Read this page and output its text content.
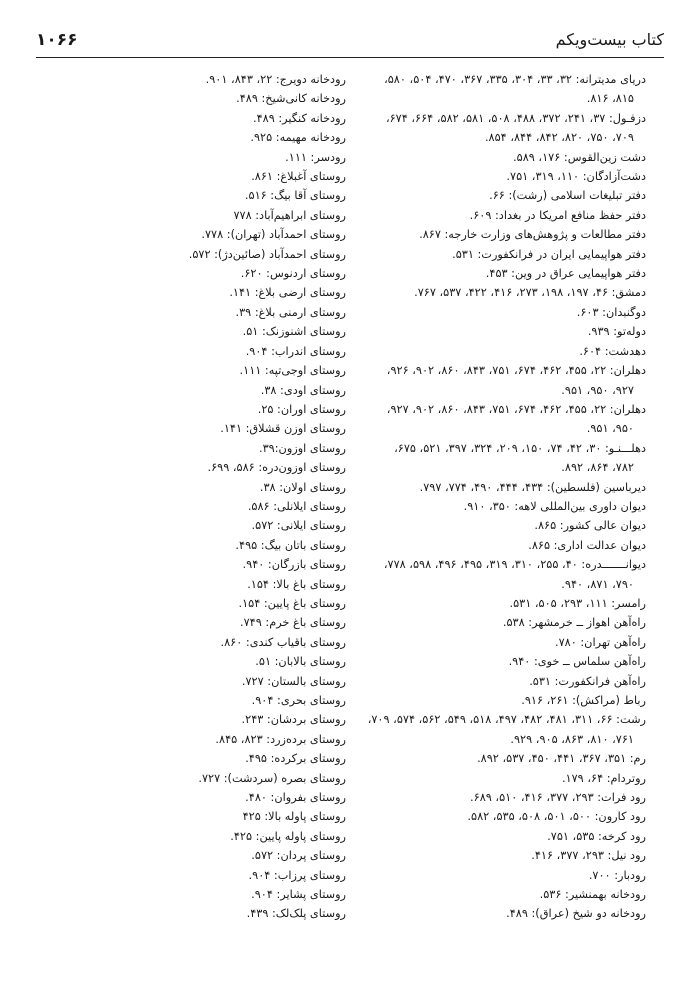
۱۰۶۶	کتاب بیست‌ویکم
دریای مدیترانه: ۳۲، ۳۳، ۳۰۴، ۳۳۵، ۳۶۷، ۴۷۰، ۵۰۴، ۵۸۰،
۸۱۵، ۸۱۶.
دزفـول: ۳۷، ۲۴۱، ۳۷۲، ۴۸۸، ۵۰۸، ۵۸۱، ۵۸۲، ۶۶۴، ۶۷۴،
۷۰۹، ۷۵۰، ۸۲۰، ۸۴۲، ۸۴۴، ۸۵۴.
دشت زین‌القوس: ۱۷۶، ۵۸۹.
دشت‌آزادگان: ۱۱۰، ۳۱۹، ۷۵۱.
دفتر تبلیغات اسلامی (رشت): ۶۶.
دفتر حفظ منافع امریکا در بغداد: ۶۰۹.
دفتر مطالعات و پژوهش‌های وزارت خارجه: ۸۶۷.
دفتر هواپیمایی ایران در فرانکفورت: ۵۳۱.
دفتر هواپیمایی عراق در وین: ۴۵۳.
دمشق: ۴۶، ۱۹۷، ۱۹۸، ۲۷۳، ۴۱۶، ۴۲۲، ۵۳۷، ۷۶۷.
دوگنبدان: ۶۰۳.
دوله‌تو: ۹۳۹.
دهدشت: ۶۰۴.
دهلران: ۲۲، ۴۵۵، ۴۶۲، ۶۷۴، ۷۵۱، ۸۴۳، ۸۶۰، ۹۰۲، ۹۲۶،
۹۲۷، ۹۵۰، ۹۵۱.
دهلران: ۲۲، ۴۵۵، ۴۶۲، ۶۷۴، ۷۵۱، ۸۴۳، ۸۶۰، ۹۰۲، ۹۲۷،
۹۵۰، ۹۵۱.
دهلـــنـو: ۳۰، ۴۲، ۷۴، ۱۵۰، ۲۰۹، ۳۲۴، ۳۹۷، ۵۲۱، ۶۷۵،
۷۸۲، ۸۶۴، ۸۹۲.
دیرباسین (فلسطین): ۴۳۴، ۴۴۴، ۴۹۰، ۷۷۴، ۷۹۷.
دیوان داوری بین‌المللی لاهه: ۳۵۰، ۹۱۰.
دیوان عالی کشور: ۸۶۵.
دیوان عدالت اداری: ۸۶۵.
دیوانـــــــدره: ۴۰، ۲۵۵، ۳۱۰، ۳۱۹، ۴۹۵، ۴۹۶، ۵۹۸، ۷۷۸،
۷۹۰، ۸۷۱، ۹۴۰.
رامسر: ۱۱۱، ۲۹۳، ۵۰۵، ۵۳۱.
راه‌آهن اهواز ــ خرمشهر: ۵۳۸.
راه‌آهن تهران: ۷۸۰.
راه‌آهن سلماس ــ خوی: ۹۴۰.
راه‌آهن فرانکفورت: ۵۳۱.
رباط (مراکش): ۲۶۱، ۹۱۶.
رشت: ۶۶، ۳۱۱، ۴۸۱، ۴۸۲، ۴۹۷، ۵۱۸، ۵۴۹، ۵۶۲، ۵۷۴، ۷۰۹،
۷۶۱، ۸۱۰، ۸۶۳، ۹۰۵، ۹۲۹.
رم: ۳۵۱، ۳۶۷، ۴۴۱، ۴۵۰، ۵۳۷، ۸۹۲.
روتردام: ۶۴، ۱۷۹.
رود فرات: ۲۹۳، ۳۷۷، ۴۱۶، ۵۱۰، ۶۸۹.
رود کارون: ۵۰۰، ۵۰۱، ۵۰۸، ۵۳۵، ۵۸۲.
رود کرخه: ۵۳۵، ۷۵۱.
رود نیل: ۲۹۳، ۳۷۷، ۴۱۶.
رودبار: ۷۰۰.
رودخانه بهمنشیر: ۵۳۶.
رودخانه دو شیخ (عراق): ۴۸۹.
رودخانه دویرج: ۲۲، ۸۴۳، ۹۰۱.
رودخانه کانی‌شیخ: ۴۸۹.
رودخانه کنگیر: ۴۸۹.
رودخانه مهیمه: ۹۲۵.
رودسر: ۱۱۱.
روستای آغبلاغ: ۸۶۱.
روستای آقا بیگ: ۵۱۶.
روستای ابراهیم‌آباد: ۷۷۸
روستای احمدآباد (تهران): ۷۷۸.
روستای احمدآباد (صائین‌دژ): ۵۷۲.
روستای اردنوس: ۶۲۰.
روستای ارضی بلاغ: ۱۴۱.
روستای ارمنی بلاغ: ۳۹.
روستای اشنوزنک: ۵۱.
روستای اندراب: ۹۰۴.
روستای اوجی‌تپه: ۱۱۱.
روستای اودی: ۳۸.
روستای اوران: ۲۵.
روستای اوزن قشلاق: ۱۴۱.
روستای اوزون:۳۹.
روستای اوزون‌دره: ۵۸۶، ۶۹۹.
روستای اولان: ۳۸.
روستای ایلانلی: ۵۸۶.
روستای ایلانی: ۵۷۲.
روستای باتان بیگ: ۴۹۵.
روستای بازرگان: ۹۴۰.
روستای باغ بالا: ۱۵۴.
روستای باغ پایین: ۱۵۴.
روستای باغ خرم: ۷۴۹.
روستای باقیاب کندی: ۸۶۰.
روستای بالابان: ۵۱.
روستای بالستان: ۷۲۷.
روستای بحری: ۹۰۴.
روستای بردشان: ۲۴۳.
روستای برده‌زرد: ۸۲۳، ۸۴۵.
روستای برکرده: ۴۹۵.
روستای بصره (سردشت): ۷۲۷.
روستای بفروان: ۴۸۰.
روستای پاوله بالا: ۴۲۵
روستای پاوله پایین: ۴۲۵.
روستای پردان: ۵۷۲.
روستای پرزاب: ۹۰۴.
روستای پشایر: ۹۰۴.
روستای پلک‌لک: ۴۳۹.
